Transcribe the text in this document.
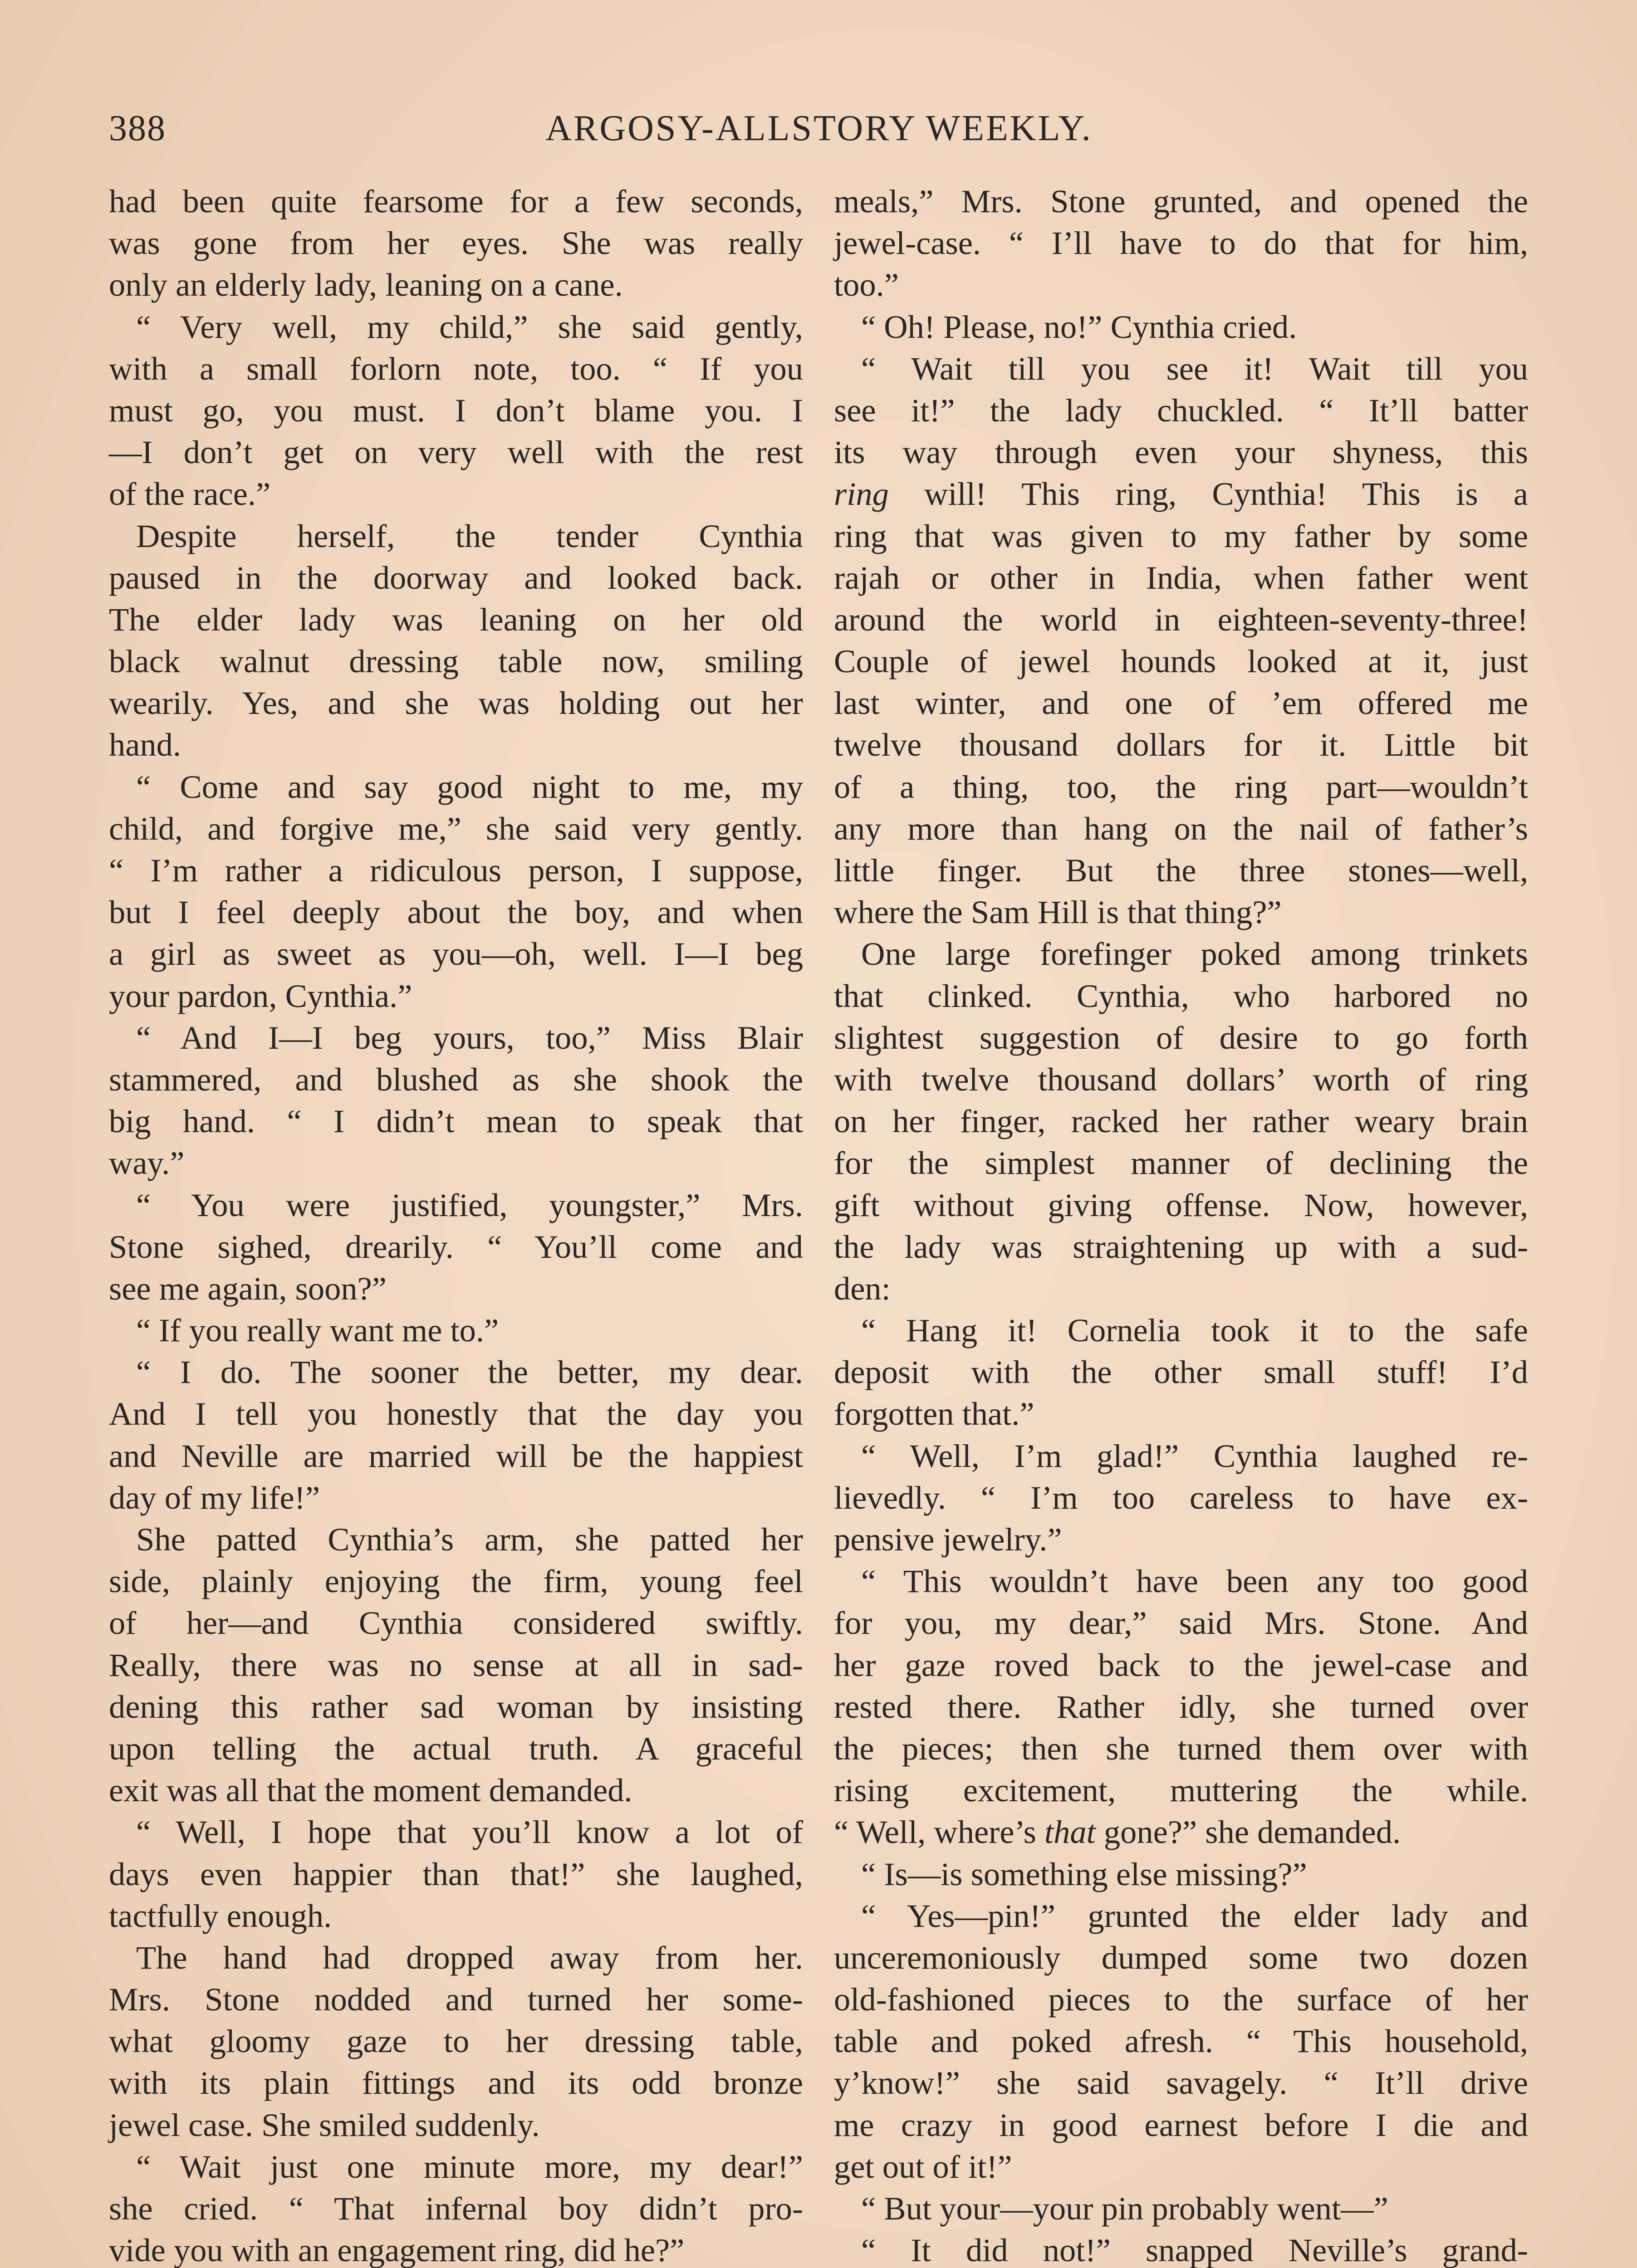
388	ARGOSY-ALLSTORY WEEKLY.
had been quite fearsome for a few seconds,
was gone from her eyes. She was really
only an elderly lady, leaning on a cane.
“ Very well, my child,” she said gently,
with a small forlorn note, too. “ If you
must go, you must. I don’t blame you. I
—I don’t get on very well with the rest
of the race.”
Despite herself, the tender Cynthia
paused in the doorway and looked back.
The elder lady was leaning on her old
black walnut dressing table now, smiling
wearily. Yes, and she was holding out her
hand.
“ Come and say good night to me, my
child, and forgive me,” she said very gently.
“ I’m rather a ridiculous person, I suppose,
but I feel deeply about the boy, and when
a girl as sweet as you—oh, well. I—I beg
your pardon, Cynthia.”
“ And I—I beg yours, too,” Miss Blair
stammered, and blushed as she shook the
big hand. “ I didn’t mean to speak that
way.”
“ You were justified, youngster,” Mrs.
Stone sighed, drearily. “ You’ll come and
see me again, soon?”
“ If you really want me to.”
“ I do. The sooner the better, my dear.
And I tell you honestly that the day you
and Neville are married will be the happiest
day of my life!”
She patted Cynthia’s arm, she patted her
side, plainly enjoying the firm, young feel
of her—and Cynthia considered swiftly.
Really, there was no sense at all in sad-
dening this rather sad woman by insisting
upon telling the actual truth. A graceful
exit was all that the moment demanded.
“ Well, I hope that you’ll know a lot of
days even happier than that!” she laughed,
tactfully enough.
The hand had dropped away from her.
Mrs. Stone nodded and turned her some-
what gloomy gaze to her dressing table,
with its plain fittings and its odd bronze
jewel case. She smiled suddenly.
“ Wait just one minute more, my dear!”
she cried. “ That infernal boy didn’t pro-
vide you with an engagement ring, did he?”
meals,” Mrs. Stone grunted, and opened the
jewel-case. “ I’ll have to do that for him,
too.”
“ Oh! Please, no!” Cynthia cried.
“ Wait till you see it! Wait till you
see it!” the lady chuckled. “ It’ll batter
its way through even your shyness, this
ring will! This ring, Cynthia! This is a
ring that was given to my father by some
rajah or other in India, when father went
around the world in eighteen-seventy-three!
Couple of jewel hounds looked at it, just
last winter, and one of ’em offered me
twelve thousand dollars for it. Little bit
of a thing, too, the ring part—wouldn’t
any more than hang on the nail of father’s
little finger. But the three stones—well,
where the Sam Hill is that thing?”
One large forefinger poked among trinkets
that clinked. Cynthia, who harbored no
slightest suggestion of desire to go forth
with twelve thousand dollars’ worth of ring
on her finger, racked her rather weary brain
for the simplest manner of declining the
gift without giving offense. Now, however,
the lady was straightening up with a sud-
den:
“ Hang it! Cornelia took it to the safe
deposit with the other small stuff! I’d
forgotten that.”
“ Well, I’m glad!” Cynthia laughed re-
lievedly. “ I’m too careless to have ex-
pensive jewelry.”
“ This wouldn’t have been any too good
for you, my dear,” said Mrs. Stone. And
her gaze roved back to the jewel-case and
rested there. Rather idly, she turned over
the pieces; then she turned them over with
rising excitement, muttering the while.
“ Well, where’s that gone?” she demanded.
“ Is—is something else missing?”
“ Yes—pin!” grunted the elder lady and
unceremoniously dumped some two dozen
old-fashioned pieces to the surface of her
table and poked afresh. “ This household,
y’know!” she said savagely. “ It’ll drive
me crazy in good earnest before I die and
get out of it!”
“ But your—your pin probably went—”
“ It did not!” snapped Neville’s grand-
